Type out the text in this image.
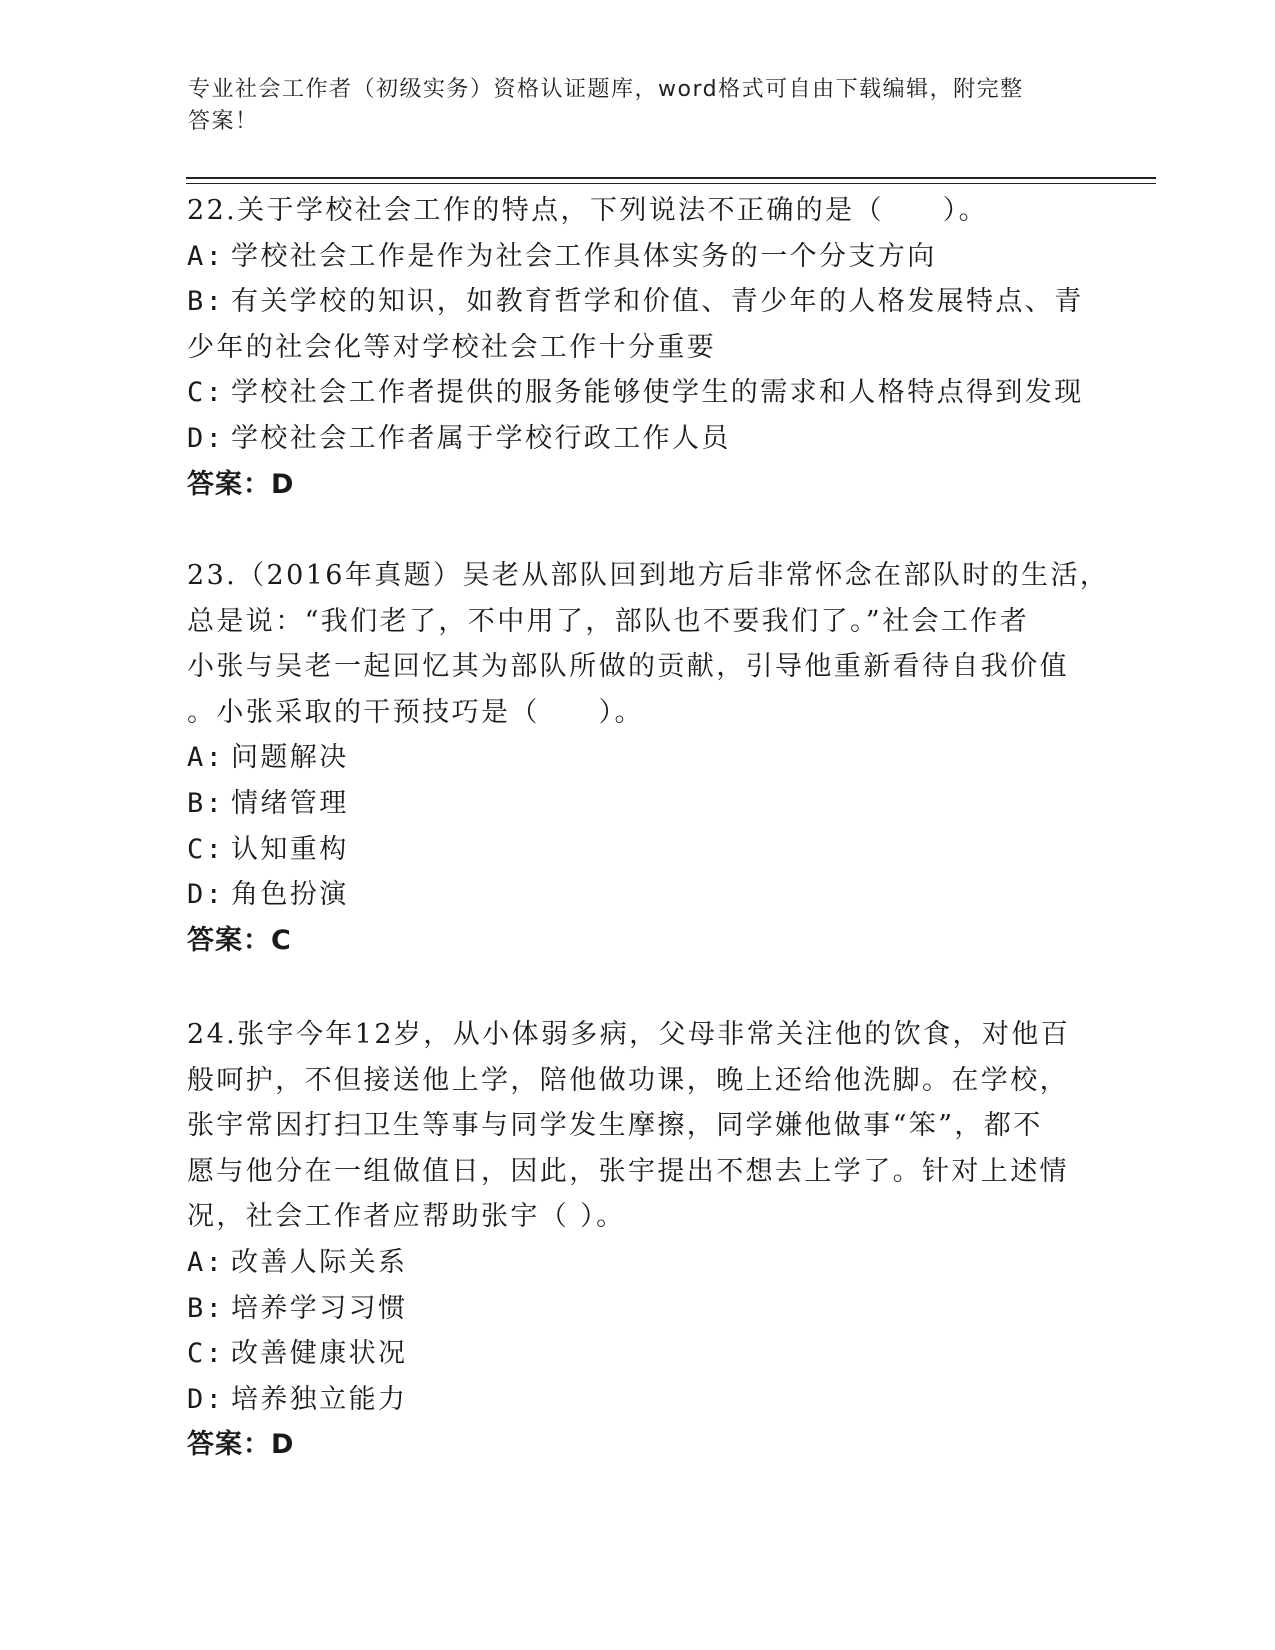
专业社会工作者（初级实务）资格认证题库，word格式可自由下载编辑，附完整
答案！
22.关于学校社会工作的特点，下列说法不正确的是（　　）。
A: 学校社会工作是作为社会工作具体实务的一个分支方向
B: 有关学校的知识，如教育哲学和价值、青少年的人格发展特点、青
少年的社会化等对学校社会工作十分重要
C: 学校社会工作者提供的服务能够使学生的需求和人格特点得到发现
D: 学校社会工作者属于学校行政工作人员
答案：D
23.（2016年真题）吴老从部队回到地方后非常怀念在部队时的生活，
总是说：“我们老了，不中用了，部队也不要我们了。”社会工作者
小张与吴老一起回忆其为部队所做的贡献，引导他重新看待自我价值
。小张采取的干预技巧是（　　）。
A: 问题解决
B: 情绪管理
C: 认知重构
D: 角色扮演
答案：C
24.张宇今年12岁，从小体弱多病，父母非常关注他的饮食，对他百
般呵护，不但接送他上学，陪他做功课，晚上还给他洗脚。在学校，
张宇常因打扫卫生等事与同学发生摩擦，同学嫌他做事“笨”，都不
愿与他分在一组做值日，因此，张宇提出不想去上学了。针对上述情
况，社会工作者应帮助张宇（ ）。
A: 改善人际关系
B: 培养学习习惯
C: 改善健康状况
D: 培养独立能力
答案：D
